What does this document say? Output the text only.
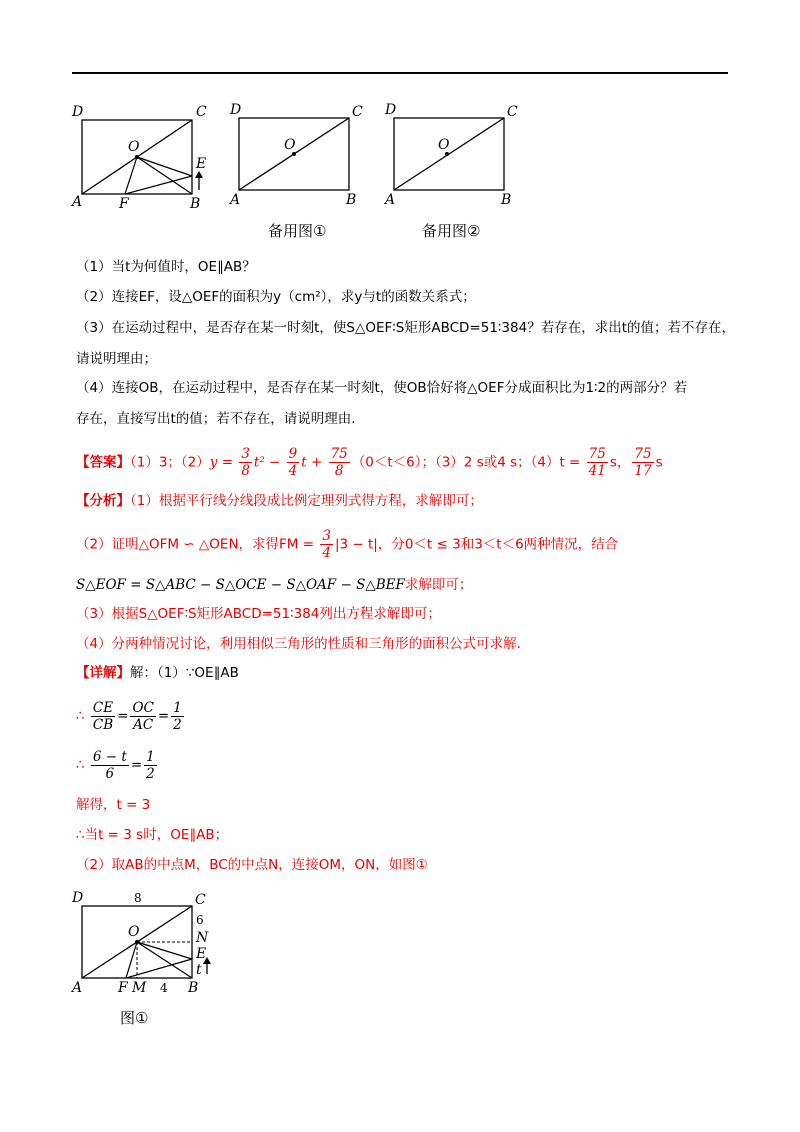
D	C
O
E
A	F	B
D	C
O
A	B
D	C
O
A	B
备用图①	备用图②
（1）当t为何值时，OE∥AB？
（2）连接EF，设△OEF的面积为y（cm²），求y与t的函数关系式；
（3）在运动过程中，是否存在某一时刻t，使S△OEF∶S矩形ABCD=51∶384？若存在，求出t的值；若不存在，
请说明理由；
（4）连接OB，在运动过程中，是否存在某一时刻t，使OB恰好将△OEF分成面积比为1∶2的两部分？若
存在，直接写出t的值；若不存在，请说明理由.
【答案】（1）3；$(2)y = \frac{3}{8} t^2 - \frac{9}{4}$ $t + \frac{75}{8} (0<t<6)$；（3）2 s或4 s；$(4)t = \frac{75}{41}$ s， $\frac{75}{17}$ s
【分析】（1）根据平行线分线段成比例定理列式得方程，求解即可；
（2）证明△OFM ∽ △OEN，求得FM = $\frac{3}{4} |3 - t|$，分0＜t ≤ 3和3＜t＜6两种情况，结合
S△EOF = S△ABC − S△OCE − S△OAF − S△BEF求解即可；
（3）根据S△OEF∶S矩形ABCD=51∶384列出方程求解即可；
（4）分两种情况讨论，利用相似三角形的性质和三角形的面积公式可求解.
【详解】解：（1）∵OE∥AB
∴ $\frac{CE}{CB} = \frac{OC}{AC} = \frac{1}{2}$
∴ $\frac{6 - t}{6} = \frac{1}{2}$
解得，t = 3
∴当t = 3 s时，OE∥AB；
（2）取AB的中点M，BC的中点N，连接OM，ON，如图①
D	8	C
6
O	N
E
t
A	F M 4 B
图①
